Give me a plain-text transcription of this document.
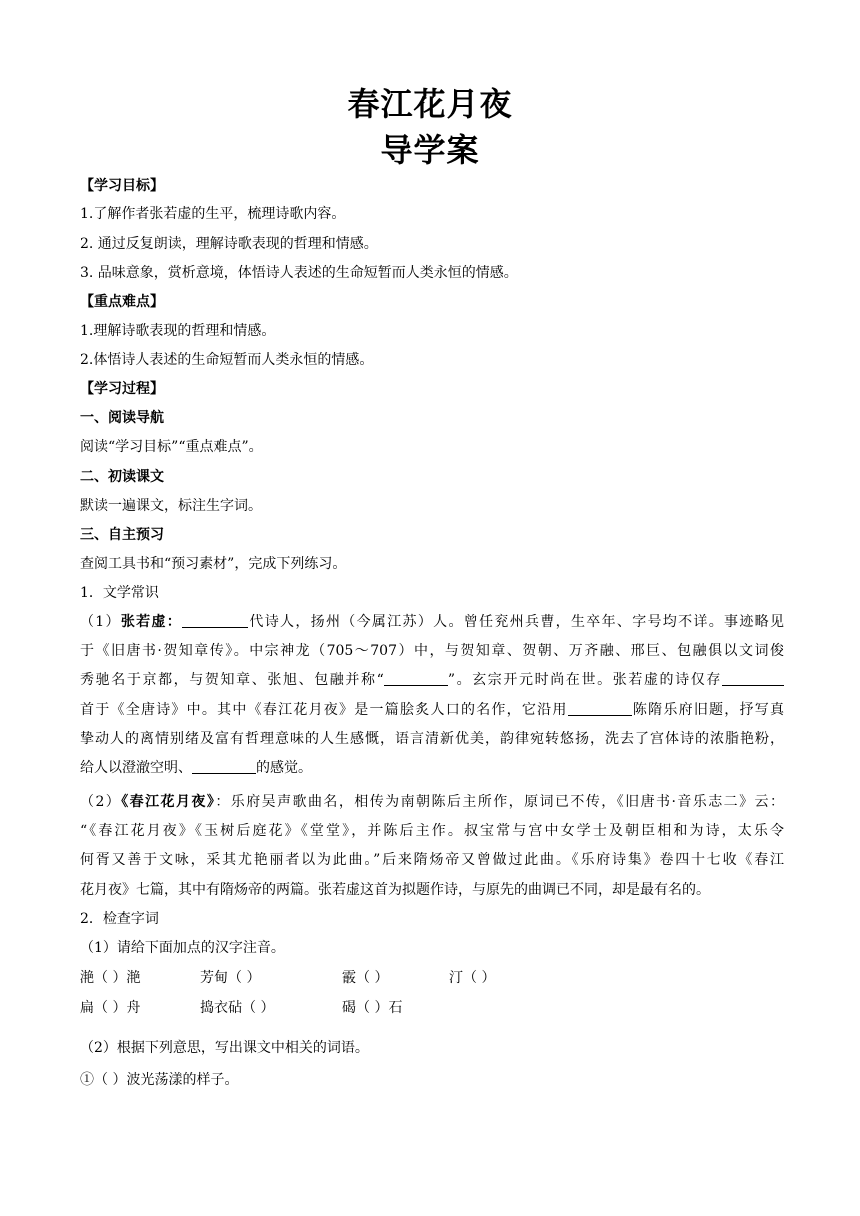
春江花月夜
导学案
【学习目标】
1.了解作者张若虚的生平，梳理诗歌内容。
2. 通过反复朗读，理解诗歌表现的哲理和情感。
3. 品味意象，赏析意境，体悟诗人表述的生命短暂而人类永恒的情感。
【重点难点】
1.理解诗歌表现的哲理和情感。
2.体悟诗人表述的生命短暂而人类永恒的情感。
【学习过程】
一、阅读导航
阅读“学习目标”“重点难点”。
二、初读课文
默读一遍课文，标注生字词。
三、自主预习
查阅工具书和“预习素材”，完成下列练习。
1．文学常识
（1）张若虚：	代诗人，扬州（今属江苏）人。曾任兖州兵曹，生卒年、字号均不详。事迹略见
于《旧唐书·贺知章传》。中宗神龙（705～707）中，与贺知章、贺朝、万齐融、邢巨、包融俱以文词俊
秀驰名于京都，与贺知章、张旭、包融并称“	”。玄宗开元时尚在世。张若虚的诗仅存
首于《全唐诗》中。其中《春江花月夜》是一篇脍炙人口的名作，它沿用	陈隋乐府旧题，抒写真
挚动人的离情别绪及富有哲理意味的人生感慨，语言清新优美，韵律宛转悠扬，洗去了宫体诗的浓脂艳粉，
给人以澄澈空明、	的感觉。
（2）《春江花月夜》：乐府吴声歌曲名，相传为南朝陈后主所作，原词已不传，《旧唐书·音乐志二》云：
“《春江花月夜》《玉树后庭花》《堂堂》，并陈后主作。叔宝常与宫中女学士及朝臣相和为诗，太乐令
何胥又善于文咏，采其尤艳丽者以为此曲。”后来隋炀帝又曾做过此曲。《乐府诗集》卷四十七收《春江
花月夜》七篇，其中有隋炀帝的两篇。张若虚这首为拟题作诗，与原先的曲调已不同，却是最有名的。
2．检查字词
（1）请给下面加点的汉字注音。
滟（ ）滟	芳甸（ ）	霰（ ）	汀（ ）
扁（ ）舟	捣衣砧（ ）	碣（ ）石
（2）根据下列意思，写出课文中相关的词语。
①（ ）波光荡漾的样子。
